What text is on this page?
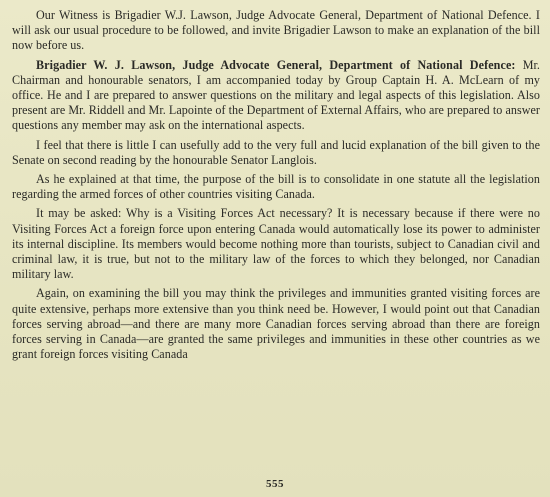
Our Witness is Brigadier W.J. Lawson, Judge Advocate General, Department of National Defence. I will ask our usual procedure to be followed, and invite Brigadier Lawson to make an explanation of the bill now before us.

Brigadier W. J. Lawson, Judge Advocate General, Department of National Defence: Mr. Chairman and honourable senators, I am accompanied today by Group Captain H. A. McLearn of my office. He and I are prepared to answer questions on the military and legal aspects of this legislation. Also present are Mr. Riddell and Mr. Lapointe of the Department of External Affairs, who are prepared to answer questions any member may ask on the international aspects.

I feel that there is little I can usefully add to the very full and lucid explanation of the bill given to the Senate on second reading by the honourable Senator Langlois.

As he explained at that time, the purpose of the bill is to consolidate in one statute all the legislation regarding the armed forces of other countries visiting Canada.

It may be asked: Why is a Visiting Forces Act necessary? It is necessary because if there were no Visiting Forces Act a foreign force upon entering Canada would automatically lose its power to administer its internal discipline. Its members would become nothing more than tourists, subject to Canadian civil and criminal law, it is true, but not to the military law of the forces to which they belonged, nor Canadian military law.

Again, on examining the bill you may think the privileges and immunities granted visiting forces are quite extensive, perhaps more extensive than you think need be. However, I would point out that Canadian forces serving abroad—and there are many more Canadian forces serving abroad than there are foreign forces serving in Canada—are granted the same privileges and immunities in these other countries as we grant foreign forces visiting Canada

555
